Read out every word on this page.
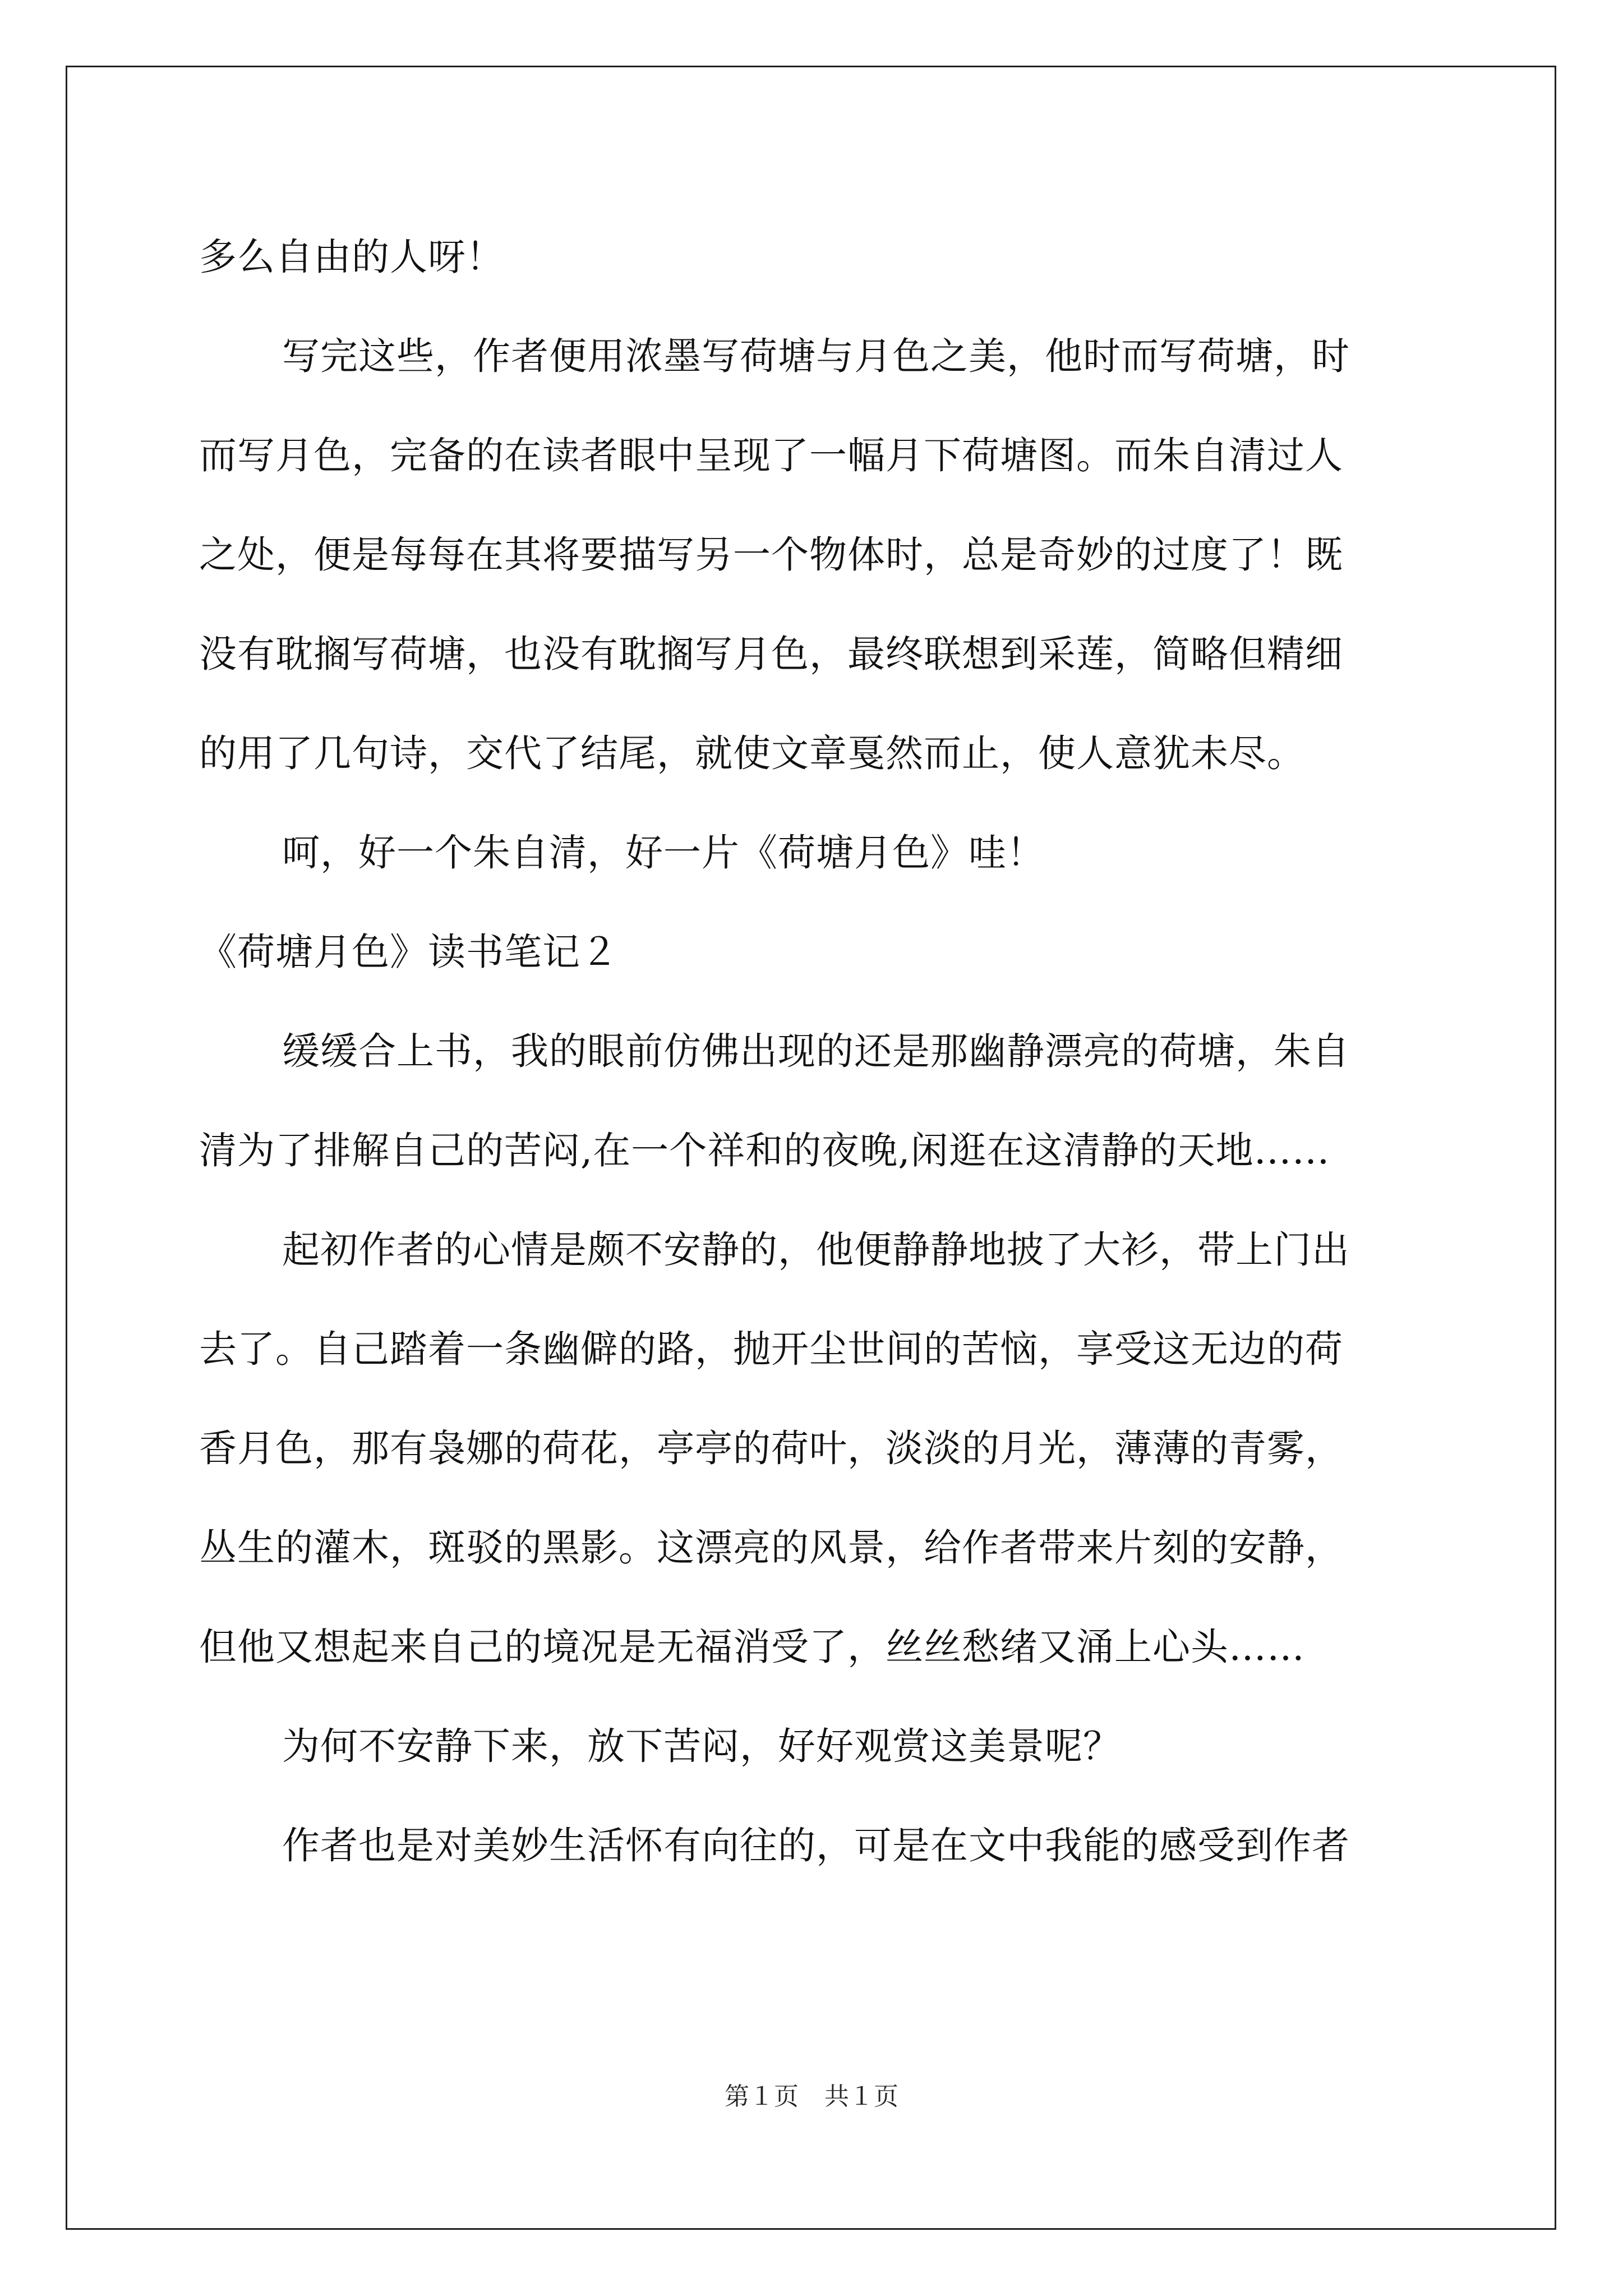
多么自由的人呀！
写完这些，作者便用浓墨写荷塘与月色之美，他时而写荷塘，时
而写月色，完备的在读者眼中呈现了一幅月下荷塘图。而朱自清过人
之处，便是每每在其将要描写另一个物体时，总是奇妙的过度了！既
没有耽搁写荷塘，也没有耽搁写月色，最终联想到采莲，简略但精细
的用了几句诗，交代了结尾，就使文章戛然而止，使人意犹未尽。
呵，好一个朱自清，好一片《荷塘月色》哇！
《荷塘月色》读书笔记２
缓缓合上书，我的眼前仿佛出现的还是那幽静漂亮的荷塘，朱自
清为了排解自己的苦闷,在一个祥和的夜晚,闲逛在这清静的天地……
起初作者的心情是颇不安静的，他便静静地披了大衫，带上门出
去了。自己踏着一条幽僻的路，抛开尘世间的苦恼，享受这无边的荷
香月色，那有袅娜的荷花，亭亭的荷叶，淡淡的月光，薄薄的青雾，
丛生的灌木，斑驳的黑影。这漂亮的风景，给作者带来片刻的安静，
但他又想起来自己的境况是无福消受了，丝丝愁绪又涌上心头……
为何不安静下来，放下苦闷，好好观赏这美景呢？
作者也是对美妙生活怀有向往的，可是在文中我能的感受到作者
第１页 共１页
